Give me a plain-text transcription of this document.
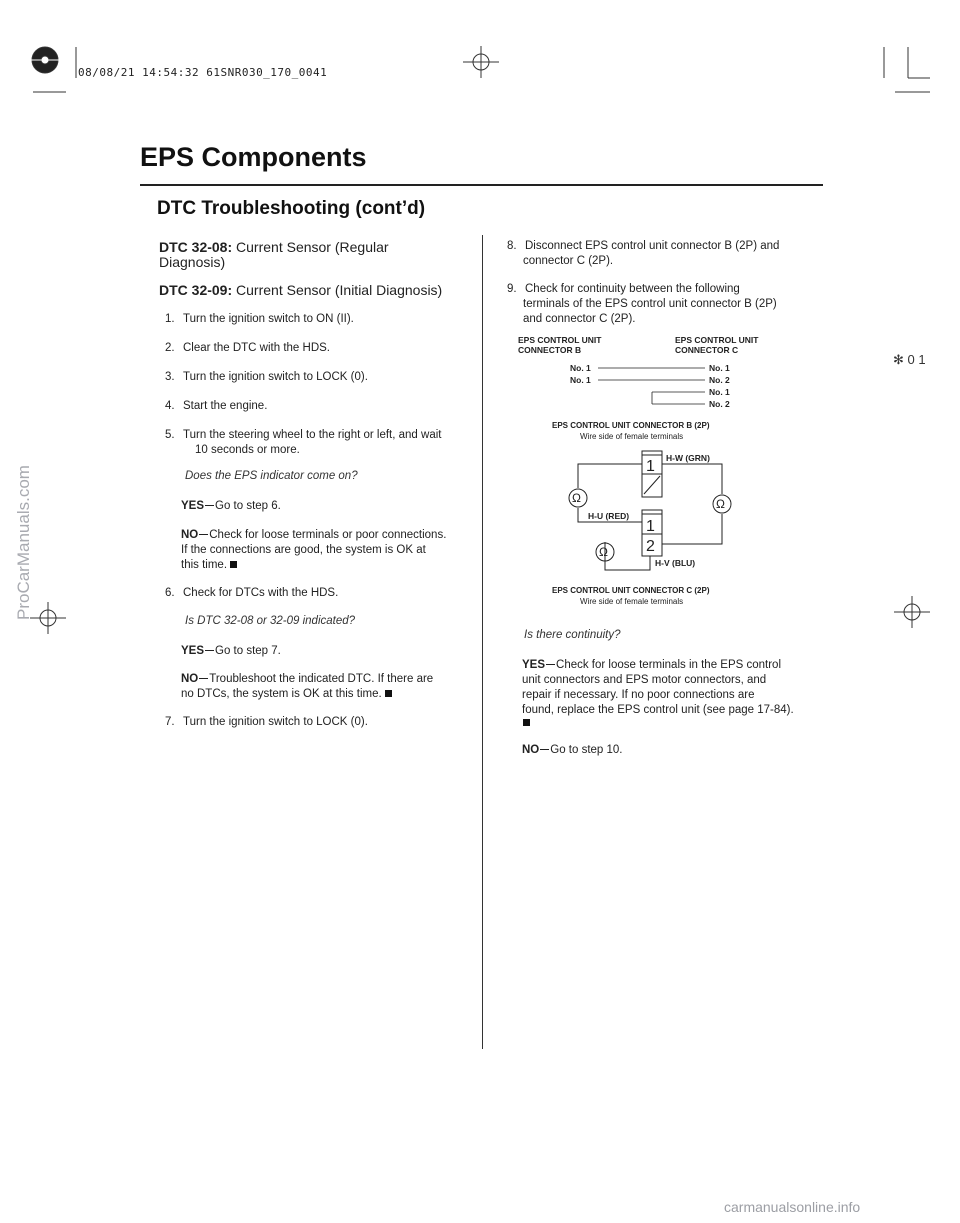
08/08/21 14:54:32 61SNR030_170_0041
EPS Components
DTC Troubleshooting (cont’d)
✻ 0 1
ProCarManuals.com
carmanualsonline.info
DTC 32-08: Current Sensor (Regular
Diagnosis)
DTC 32-09: Current Sensor (Initial Diagnosis)
1. Turn the ignition switch to ON (II).
2. Clear the DTC with the HDS.
3. Turn the ignition switch to LOCK (0).
4. Start the engine.
5. Turn the steering wheel to the right or left, and wait
10 seconds or more.
Does the EPS indicator come on?
YES Go to step 6.
NO Check for loose terminals or poor connections.
If the connections are good, the system is OK at
this time.
6. Check for DTCs with the HDS.
Is DTC 32-08 or 32-09 indicated?
YES Go to step 7.
NO Troubleshoot the indicated DTC. If there are
no DTCs, the system is OK at this time.
7. Turn the ignition switch to LOCK (0).
8. Disconnect EPS control unit connector B (2P) and
connector C (2P).
9. Check for continuity between the following
terminals of the EPS control unit connector B (2P)
and connector C (2P).
EPS CONTROL UNIT
CONNECTOR B
EPS CONTROL UNIT
CONNECTOR C
No. 1	No. 1
No. 1	No. 2
No. 1
No. 2
EPS CONTROL UNIT CONNECTOR B (2P)
Wire side of female terminals
1
1
2
Ω	Ω
Ω
H-W (GRN)
H-U (RED)
H-V (BLU)
EPS CONTROL UNIT CONNECTOR C (2P)
Wire side of female terminals
Is there continuity?
YES Check for loose terminals in the EPS control
unit connectors and EPS motor connectors, and
repair if necessary. If no poor connections are
found, replace the EPS control unit (see page 17-84).
NO Go to step 10.
